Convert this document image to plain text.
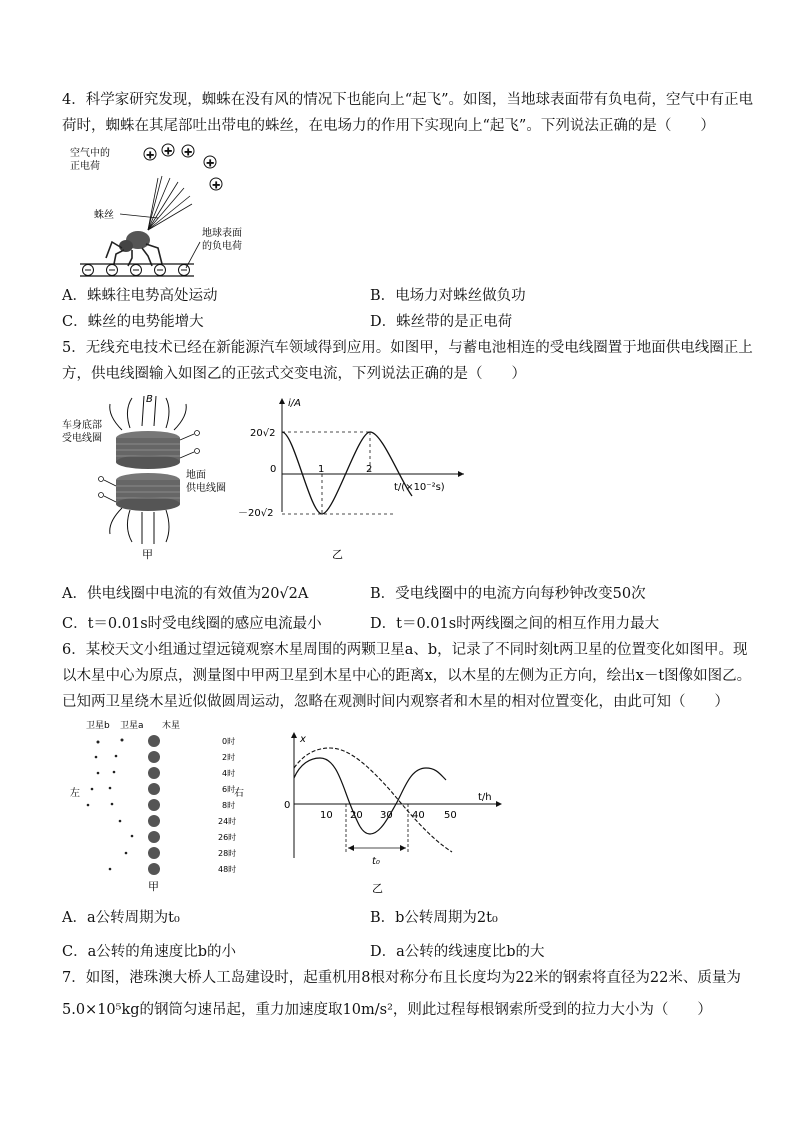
4．科学家研究发现，蜘蛛在没有风的情况下也能向上“起飞”。如图，当地球表面带有负电荷，空气中有正电
荷时，蜘蛛在其尾部吐出带电的蛛丝，在电场力的作用下实现向上“起飞”。下列说法正确的是（　　）
空气中的
正电荷
+ + +
+
+
蛛丝
地球表面
的负电荷
A．蛛蛛往电势高处运动	B．电场力对蛛丝做负功
C．蛛丝的电势能增大	D．蛛丝带的是正电荷
5．无线充电技术已经在新能源汽车领域得到应用。如图甲，与蓄电池相连的受电线圈置于地面供电线圈正上
方，供电线圈输入如图乙的正弦式交变电流，下列说法正确的是（　　）
B
车身底部
受电线圈
地面
供电线圈
甲
i/A
t/(×10⁻²s)
20√2
－20√2
0	1	2
乙
A．供电线圈中电流的有效值为20√2A	B．受电线圈中的电流方向每秒钟改变50次
C．t＝0.01s时受电线圈的感应电流最小	D．t＝0.01s时两线圈之间的相互作用力最大
6．某校天文小组通过望远镜观察木星周围的两颗卫星a、b，记录了不同时刻t两卫星的位置变化如图甲。现
以木星中心为原点，测量图中甲两卫星到木星中心的距离x，以木星的左侧为正方向，绘出x－t图像如图乙。
已知两卫星绕木星近似做圆周运动，忽略在观测时间内观察者和木星的相对位置变化，由此可知（　　）
卫星b 卫星a 木星
左	右
0时
2时
4时
6时
8时
24时
26时
28时
48时
甲
x
t/h
0
10 20 30 40 50
t₀
乙
A．a公转周期为t₀	B．b公转周期为2t₀
C．a公转的角速度比b的小	D．a公转的线速度比b的大
7．如图，港珠澳大桥人工岛建设时，起重机用8根对称分布且长度均为22米的钢索将直径为22米、质量为
5.0×10⁵kg的钢筒匀速吊起，重力加速度取10m/s²，则此过程每根钢索所受到的拉力大小为（　　）
